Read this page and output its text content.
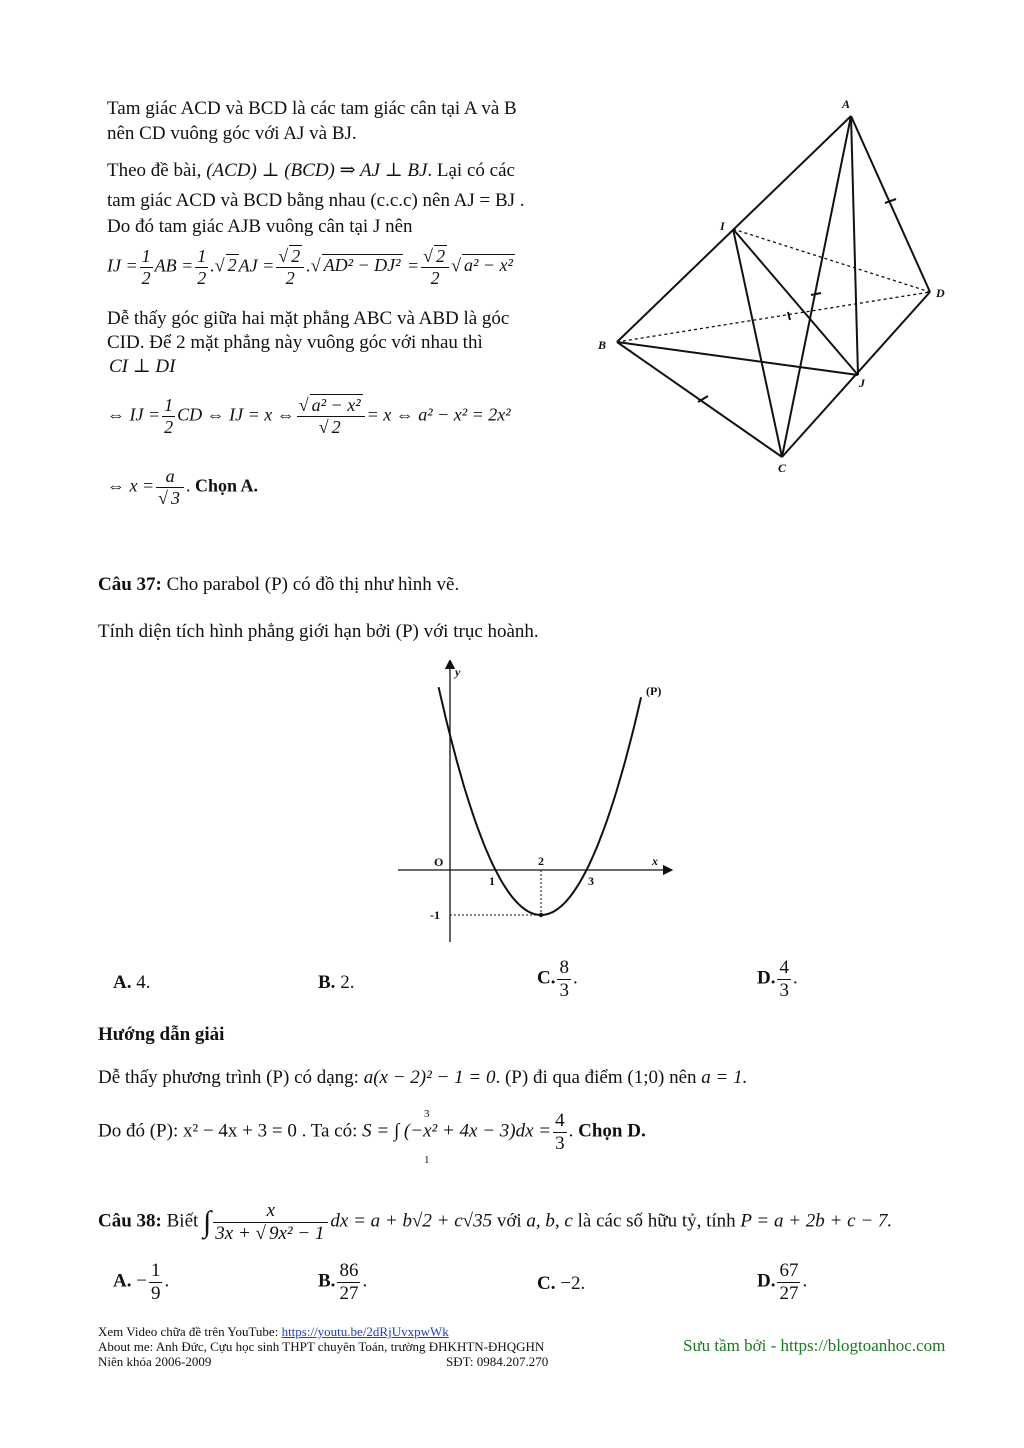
Tam giác ACD và BCD là các tam giác cân tại A và B
nên CD vuông góc với AJ và BJ.
Theo đề bài, (ACD) ⊥ (BCD) ⇒ AJ ⊥ BJ. Lại có các
tam giác ACD và BCD bằng nhau (c.c.c) nên AJ = BJ .
Do đó tam giác AJB vuông cân tại J nên
IJ = $\frac{1}{2}$ AB = $\frac{1}{2}$ .√ 2 AJ = $\frac{√ 2}{2}$ .√ $AD^2 - DJ^2 = \frac{√ 2}{2}$ √ a² − x²
Dễ thấy góc giữa hai mặt phẳng ABC và ABD là góc
CID. Để 2 mặt phẳng này vuông góc với nhau thì
CI ⊥ DI
⇔ IJ = $\frac{1}{2}$ CD ⇔ IJ = x ⇔ $\frac{\text{√ a² − x²}}{√ 2} = x$ ⇔ a² − x² = 2x²
⇔ $x = \frac{a}{√ 3}$ . Chọn A.
A
B
C
D
I
J
Câu 37: Cho parabol (P) có đồ thị như hình vẽ.
Tính diện tích hình phẳng giới hạn bởi (P) với trục hoành.
y
x
O
(P)
1
2
3
-1
A. 4.	B. 2.	C. $\frac{8}{3}$ .	D. $\frac{4}{3}$ .
Hướng dẫn giải
Dễ thấy phương trình (P) có dạng: a(x − 2)² − 1 = 0. (P) đi qua điểm (1;0) nên a = 1.
Do đó (P): x² − 4x + 3 = 0 . Ta có: S = ∫ $(-x^2 + 4x - 3)dx = \frac{4}{3}$ . Chọn D.
3
1
Câu 38: Biết ∫ $\frac{x}{\text{3x + √ 9x² − 1}}$ dx = a + b√2 + c√35 với a, b, c là các số hữu tỷ, tính P = a + 2b + c − 7.
A. − $\frac{1}{9}$ .	B. $\frac{86}{27}$ .	C. −2.	D. $\frac{67}{27}$ .
Xem Video chữa đề trên YouTube: https://youtu.be/2dRjUvxpwWk
About me: Anh Đức, Cựu học sinh THPT chuyên Toán, trường ĐHKHTN-ĐHQGHN
Niên khóa 2006-2009	SĐT: 0984.207.270
Sưu tầm bởi - https://blogtoanhoc.com
